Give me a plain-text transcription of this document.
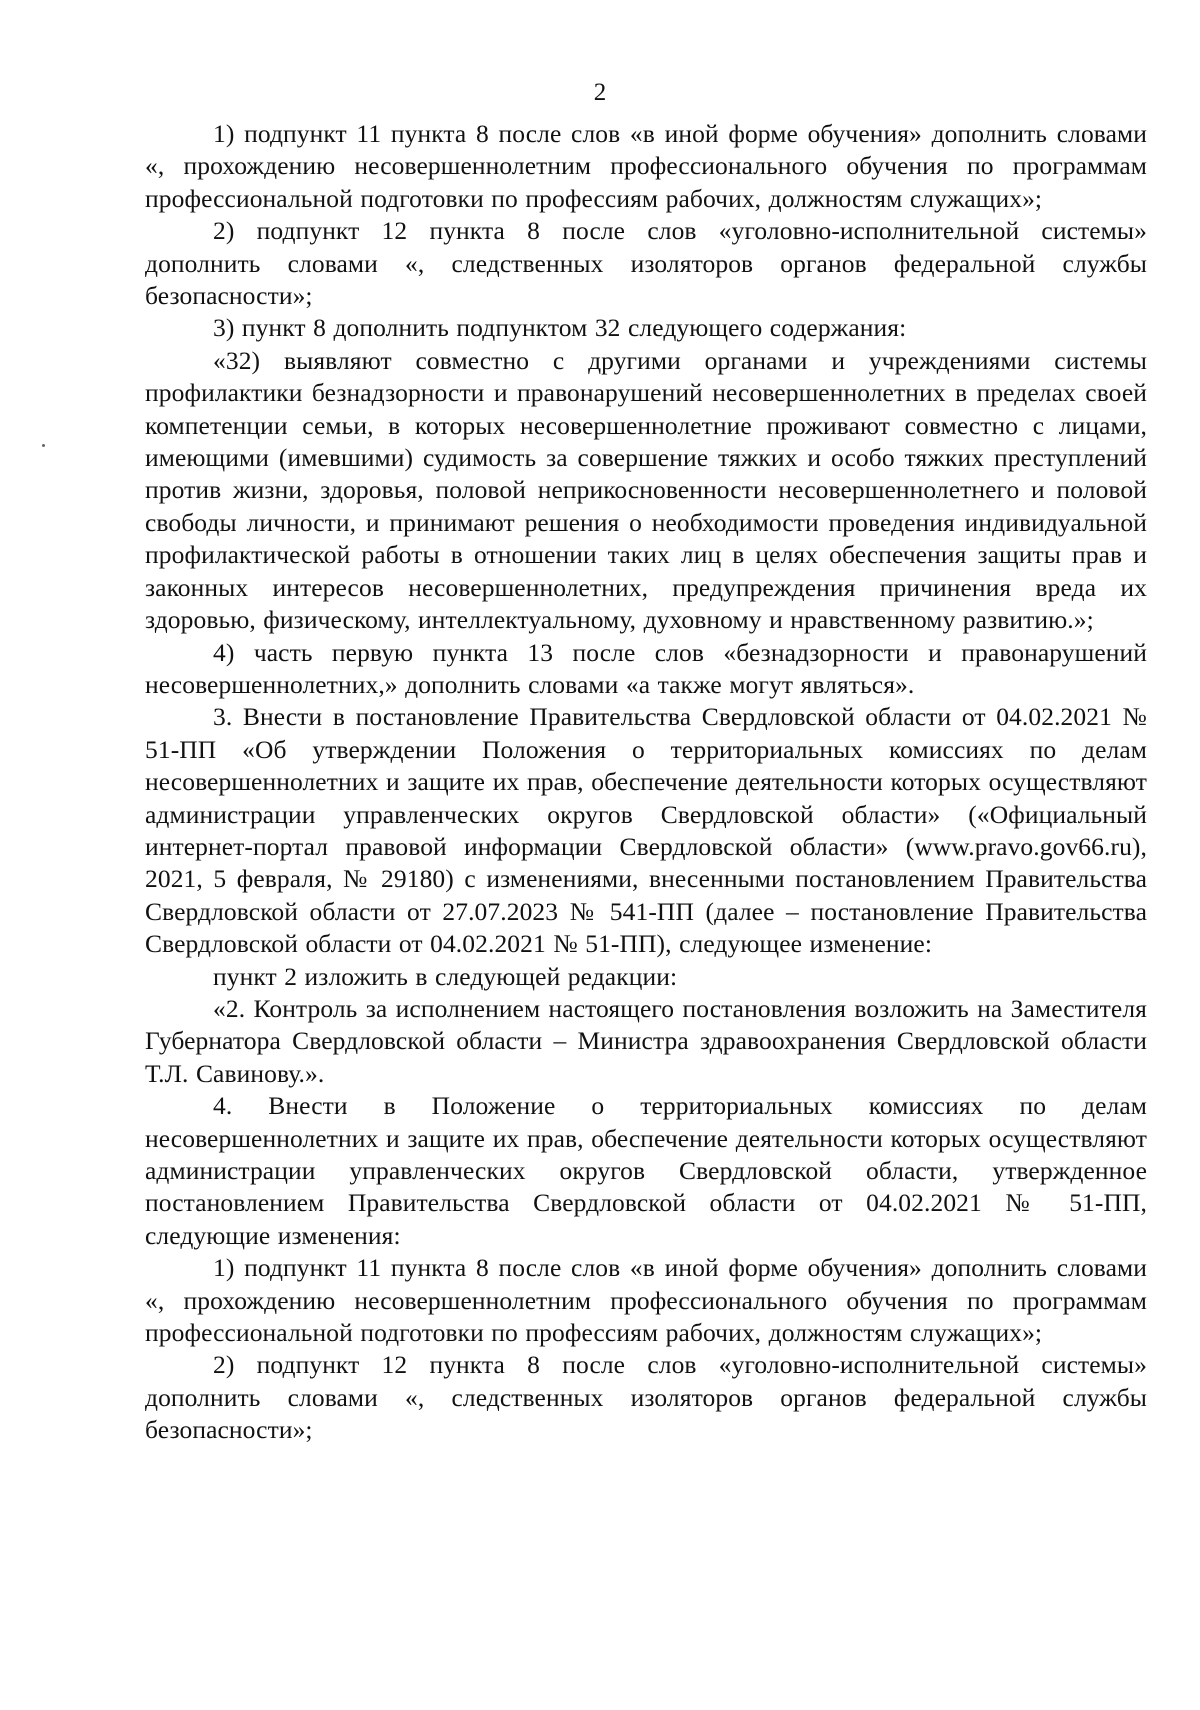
2

1) подпункт 11 пункта 8 после слов «в иной форме обучения» дополнить словами «, прохождению несовершеннолетним профессионального обучения по программам профессиональной подготовки по профессиям рабочих, должностям служащих»;

2) подпункт 12 пункта 8 после слов «уголовно-исполнительной системы» дополнить словами «, следственных изоляторов органов федеральной службы безопасности»;

3) пункт 8 дополнить подпунктом 32 следующего содержания:

«32) выявляют совместно с другими органами и учреждениями системы профилактики безнадзорности и правонарушений несовершеннолетних в пределах своей компетенции семьи, в которых несовершеннолетние проживают совместно с лицами, имеющими (имевшими) судимость за совершение тяжких и особо тяжких преступлений против жизни, здоровья, половой неприкосновенности несовершеннолетнего и половой свободы личности, и принимают решения о необходимости проведения индивидуальной профилактической работы в отношении таких лиц в целях обеспечения защиты прав и законных интересов несовершеннолетних, предупреждения причинения вреда их здоровью, физическому, интеллектуальному, духовному и нравственному развитию.»;

4) часть первую пункта 13 после слов «безнадзорности и правонарушений несовершеннолетних,» дополнить словами «а также могут являться».

3. Внести в постановление Правительства Свердловской области от 04.02.2021 № 51-ПП «Об утверждении Положения о территориальных комиссиях по делам несовершеннолетних и защите их прав, обеспечение деятельности которых осуществляют администрации управленческих округов Свердловской области» («Официальный интернет-портал правовой информации Свердловской области» (www.pravo.gov66.ru), 2021, 5 февраля, № 29180) с изменениями, внесенными постановлением Правительства Свердловской области от 27.07.2023 № 541-ПП (далее – постановление Правительства Свердловской области от 04.02.2021 № 51-ПП), следующее изменение:

пункт 2 изложить в следующей редакции:

«2. Контроль за исполнением настоящего постановления возложить на Заместителя Губернатора Свердловской области – Министра здравоохранения Свердловской области Т.Л. Савинову.».

4. Внести в Положение о территориальных комиссиях по делам несовершеннолетних и защите их прав, обеспечение деятельности которых осуществляют администрации управленческих округов Свердловской области, утвержденное постановлением Правительства Свердловской области от 04.02.2021 № 51-ПП, следующие изменения:

1) подпункт 11 пункта 8 после слов «в иной форме обучения» дополнить словами «, прохождению несовершеннолетним профессионального обучения по программам профессиональной подготовки по профессиям рабочих, должностям служащих»;

2) подпункт 12 пункта 8 после слов «уголовно-исполнительной системы» дополнить словами «, следственных изоляторов органов федеральной службы безопасности»;
